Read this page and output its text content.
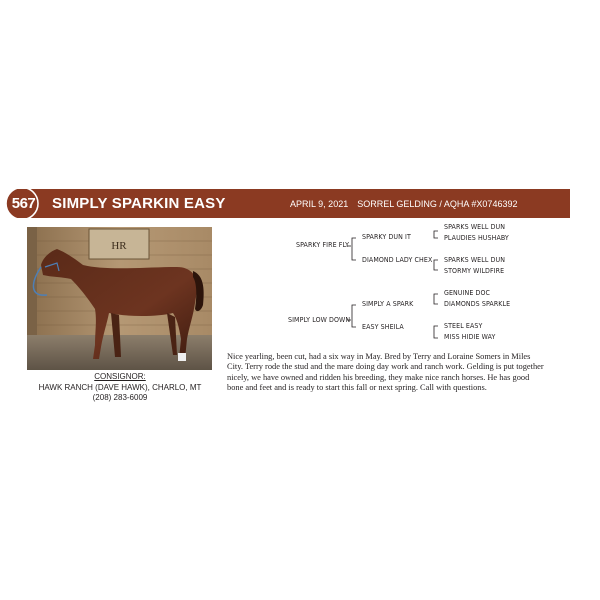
567	SIMPLY SPARKIN EASY	APRIL 9, 2021 SORREL GELDING / AQHA #X0746392
HR
CONSIGNOR:
HAWK RANCH (DAVE HAWK), CHARLO, MT
(208) 283-6009
SPARKY FIRE FLY
SIMPLY LOW DOWN
SPARKY DUN IT
DIAMOND LADY CHEX
SIMPLY A SPARK
EASY SHEILA
SPARKS WELL DUN
PLAUDIES HUSHABY
SPARKS WELL DUN
STORMY WILDFIRE
GENUINE DOC
DIAMONDS SPARKLE
STEEL EASY
MISS HIDIE WAY
Nice yearling, been cut, had a six way in May. Bred by Terry and Loraine Somers in Miles City. Terry rode the stud and the mare doing day work and ranch work. Gelding is put together nicely, we have owned and ridden his breeding, they make nice ranch horses. He has good bone and feet and is ready to start this fall or next spring. Call with questions.
